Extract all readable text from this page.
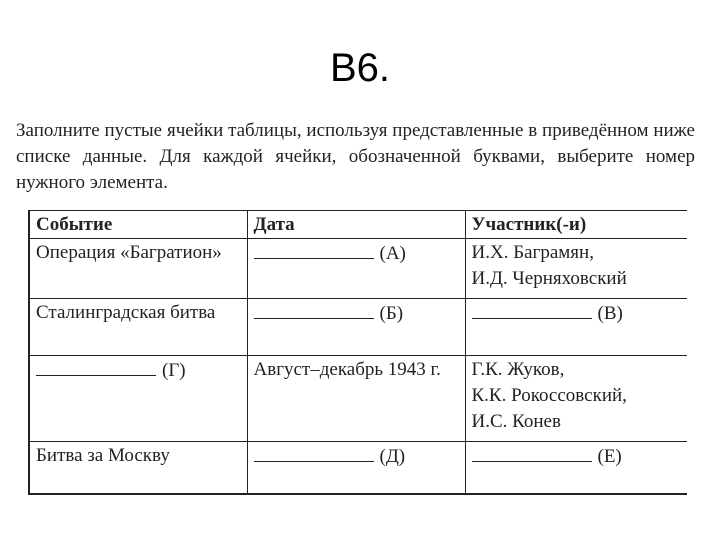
B6.
Заполните пустые ячейки таблицы, используя представленные в приведённом ниже списке данные. Для каждой ячейки, обозначенной буквами, выберите номер нужного элемента.
Событие	Дата	Участник(-и)
Операция «Багратион»	(А)	И.Х. Баграмян,
И.Д. Черняховский

Сталинградская битва	(Б)	(В)
(Г)	Август–декабрь 1943 г.	Г.К. Жуков,
К.К. Рокоссовский,
И.С. Конев

Битва за Москву	(Д)	(Е)
